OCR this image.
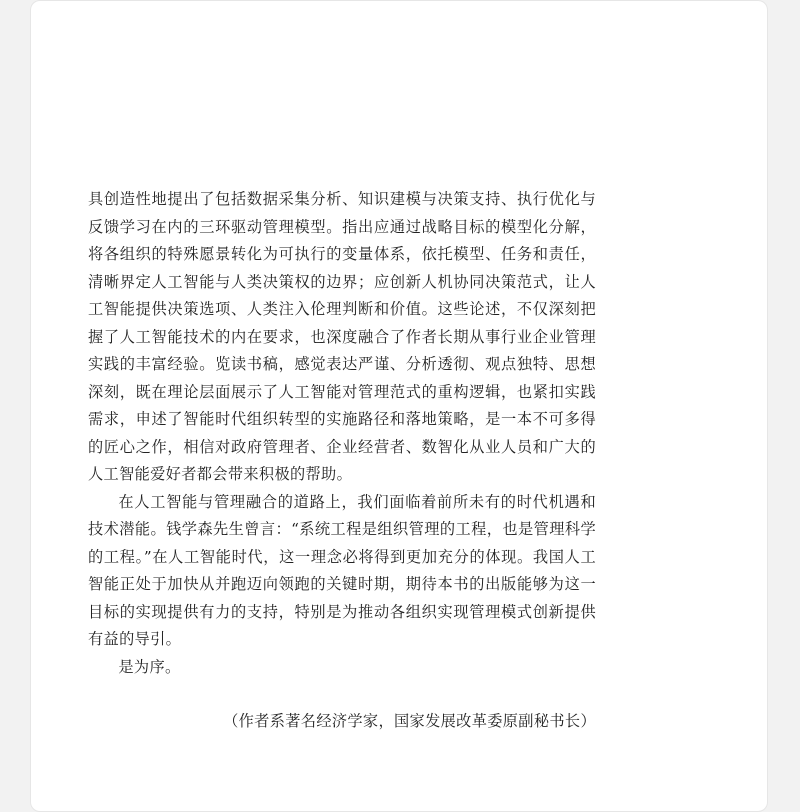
具创造性地提出了包括数据采集分析、知识建模与决策支持、执行优化与反馈学习在内的三环驱动管理模型。指出应通过战略目标的模型化分解，将各组织的特殊愿景转化为可执行的变量体系，依托模型、任务和责任，清晰界定人工智能与人类决策权的边界；应创新人机协同决策范式，让人工智能提供决策选项、人类注入伦理判断和价值。这些论述，不仅深刻把握了人工智能技术的内在要求，也深度融合了作者长期从事行业企业管理实践的丰富经验。览读书稿，感觉表达严谨、分析透彻、观点独特、思想深刻，既在理论层面展示了人工智能对管理范式的重构逻辑，也紧扣实践需求，申述了智能时代组织转型的实施路径和落地策略，是一本不可多得的匠心之作，相信对政府管理者、企业经营者、数智化从业人员和广大的人工智能爱好者都会带来积极的帮助。

在人工智能与管理融合的道路上，我们面临着前所未有的时代机遇和技术潜能。钱学森先生曾言：“系统工程是组织管理的工程，也是管理科学的工程。”在人工智能时代，这一理念必将得到更加充分的体现。我国人工智能正处于加快从并跑迈向领跑的关键时期，期待本书的出版能够为这一目标的实现提供有力的支持，特别是为推动各组织实现管理模式创新提供有益的导引。

是为序。

（作者系著名经济学家，国家发展改革委原副秘书长）
